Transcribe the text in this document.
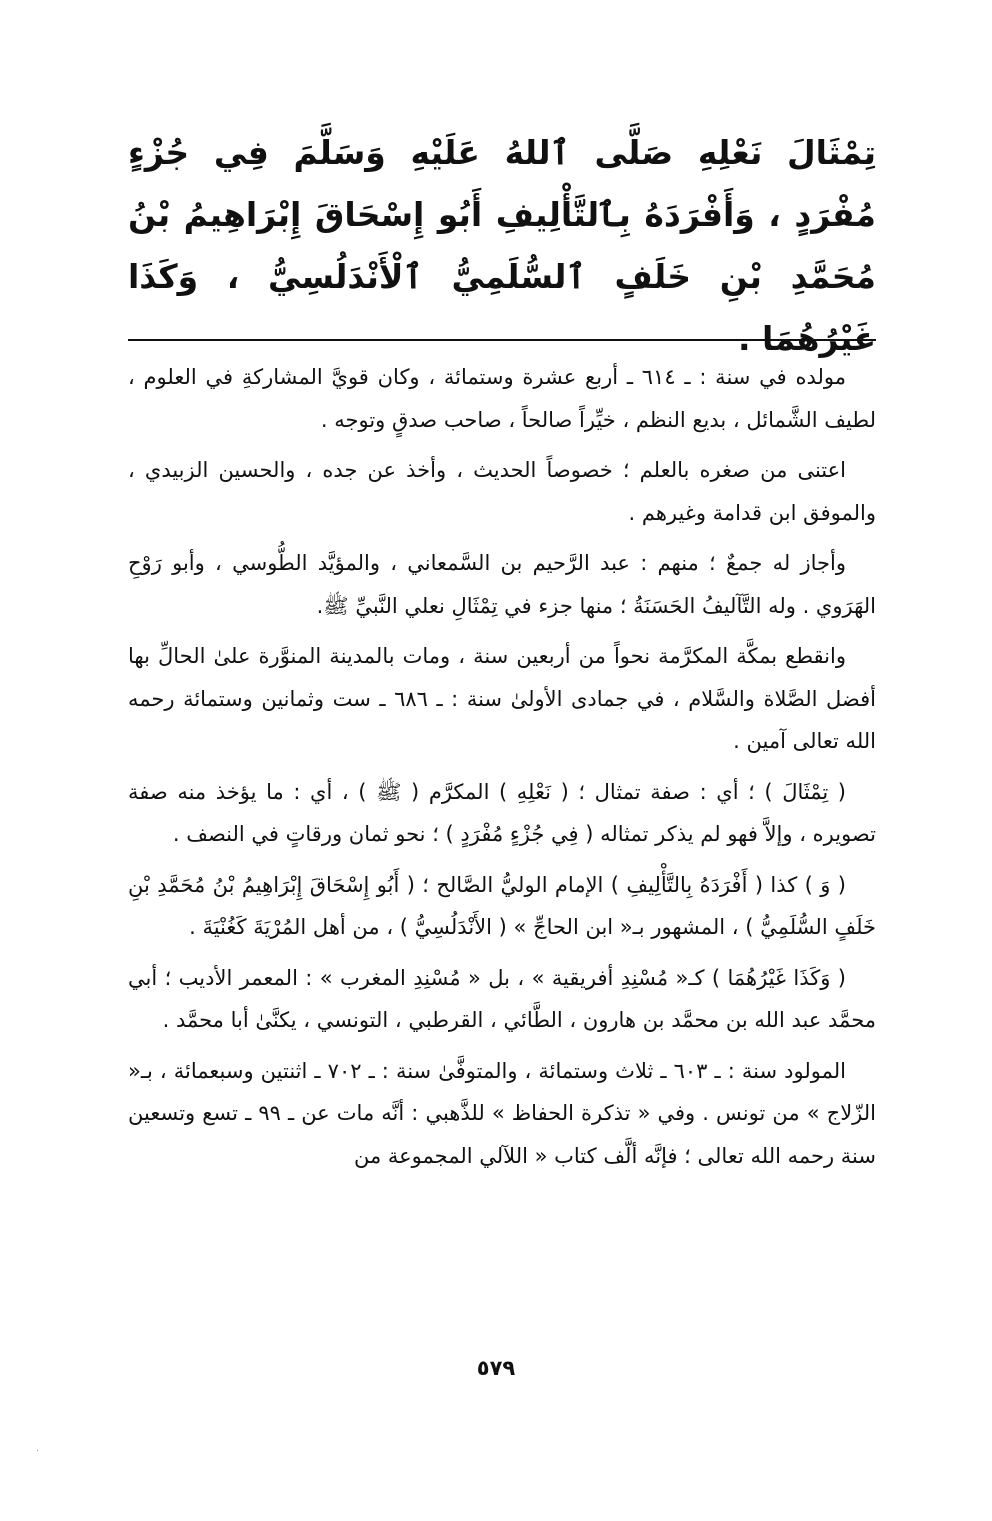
تِمْثَالَ نَعْلِهِ صَلَّى ٱللهُ عَلَيْهِ وَسَلَّمَ فِي جُزْءٍ مُفْرَدٍ ، وَأَفْرَدَهُ بِٱلتَّأْلِيفِ أَبُو إِسْحَاقَ إِبْرَاهِيمُ بْنُ مُحَمَّدِ بْنِ خَلَفٍ ٱلسُّلَمِيُّ ٱلْأَنْدَلُسِيُّ ، وَكَذَا غَيْرُهُمَا .

مولده في سنة : ـ ٦١٤ ـ أربع عشرة وستمائة ، وكان قويَّ المشاركةِ في العلوم ، لطيف الشَّمائل ، بديع النظم ، خيِّراً صالحاً ، صاحب صدقٍ وتوجه .

اعتنى من صغره بالعلم ؛ خصوصاً الحديث ، وأخذ عن جده ، والحسين الزبيدي ، والموفق ابن قدامة وغيرهم .

وأجاز له جمعٌ ؛ منهم : عبد الرَّحيم بن السَّمعاني ، والمؤيَّد الطُّوسي ، وأبو رَوْحِ الهَرَوي . وله التَّآليفُ الحَسَنَةُ ؛ منها جزء في تِمْثَالِ نعلي النَّبيِّ ﷺ.

وانقطع بمكَّة المكرَّمة نحواً من أربعين سنة ، ومات بالمدينة المنوَّرة علىٰ الحالِّ بها أفضل الصَّلاة والسَّلام ، في جمادى الأولىٰ سنة : ـ ٦٨٦ ـ ست وثمانين وستمائة رحمه الله تعالى آمين .

( تِمْثَالَ ) ؛ أي : صفة تمثال ؛ ( نَعْلِهِ ) المكرَّم ( ﷺ ) ، أي : ما يؤخذ منه صفة تصويره ، وإلاَّ فهو لم يذكر تمثاله ( فِي جُزْءٍ مُفْرَدٍ ) ؛ نحو ثمان ورقاتٍ في النصف .

( وَ ) كذا ( أَفْرَدَهُ بِالتَّأْلِيفِ ) الإمام الوليُّ الصَّالح ؛ ( أَبُو إِسْحَاقَ إِبْرَاهِيمُ بْنُ مُحَمَّدِ بْنِ خَلَفٍ السُّلَمِيُّ ) ، المشهور بـ« ابن الحاجِّ » ( الأَنْدَلُسِيُّ ) ، من أهل المُرْيَةَ كَغُنْيَةَ .

( وَكَذَا غَيْرُهُمَا ) كـ« مُسْنِدِ أفريقية » ، بل « مُسْنِدِ المغرب » : المعمر الأديب ؛ أبي محمَّد عبد الله بن محمَّد بن هارون ، الطَّائي ، القرطبي ، التونسي ، يكنَّىٰ أبا محمَّد .

المولود سنة : ـ ٦٠٣ ـ ثلاث وستمائة ، والمتوفَّىٰ سنة : ـ ٧٠٢ ـ اثنتين وسبعمائة ، بـ« الزّلاج » من تونس . وفي « تذكرة الحفاظ » للذَّهبي : أنَّه مات عن ـ ٩٩ ـ تسع وتسعين سنة رحمه الله تعالى ؛ فإنَّه ألَّف كتاب « اللآلي المجموعة من

٥٧٩
·
